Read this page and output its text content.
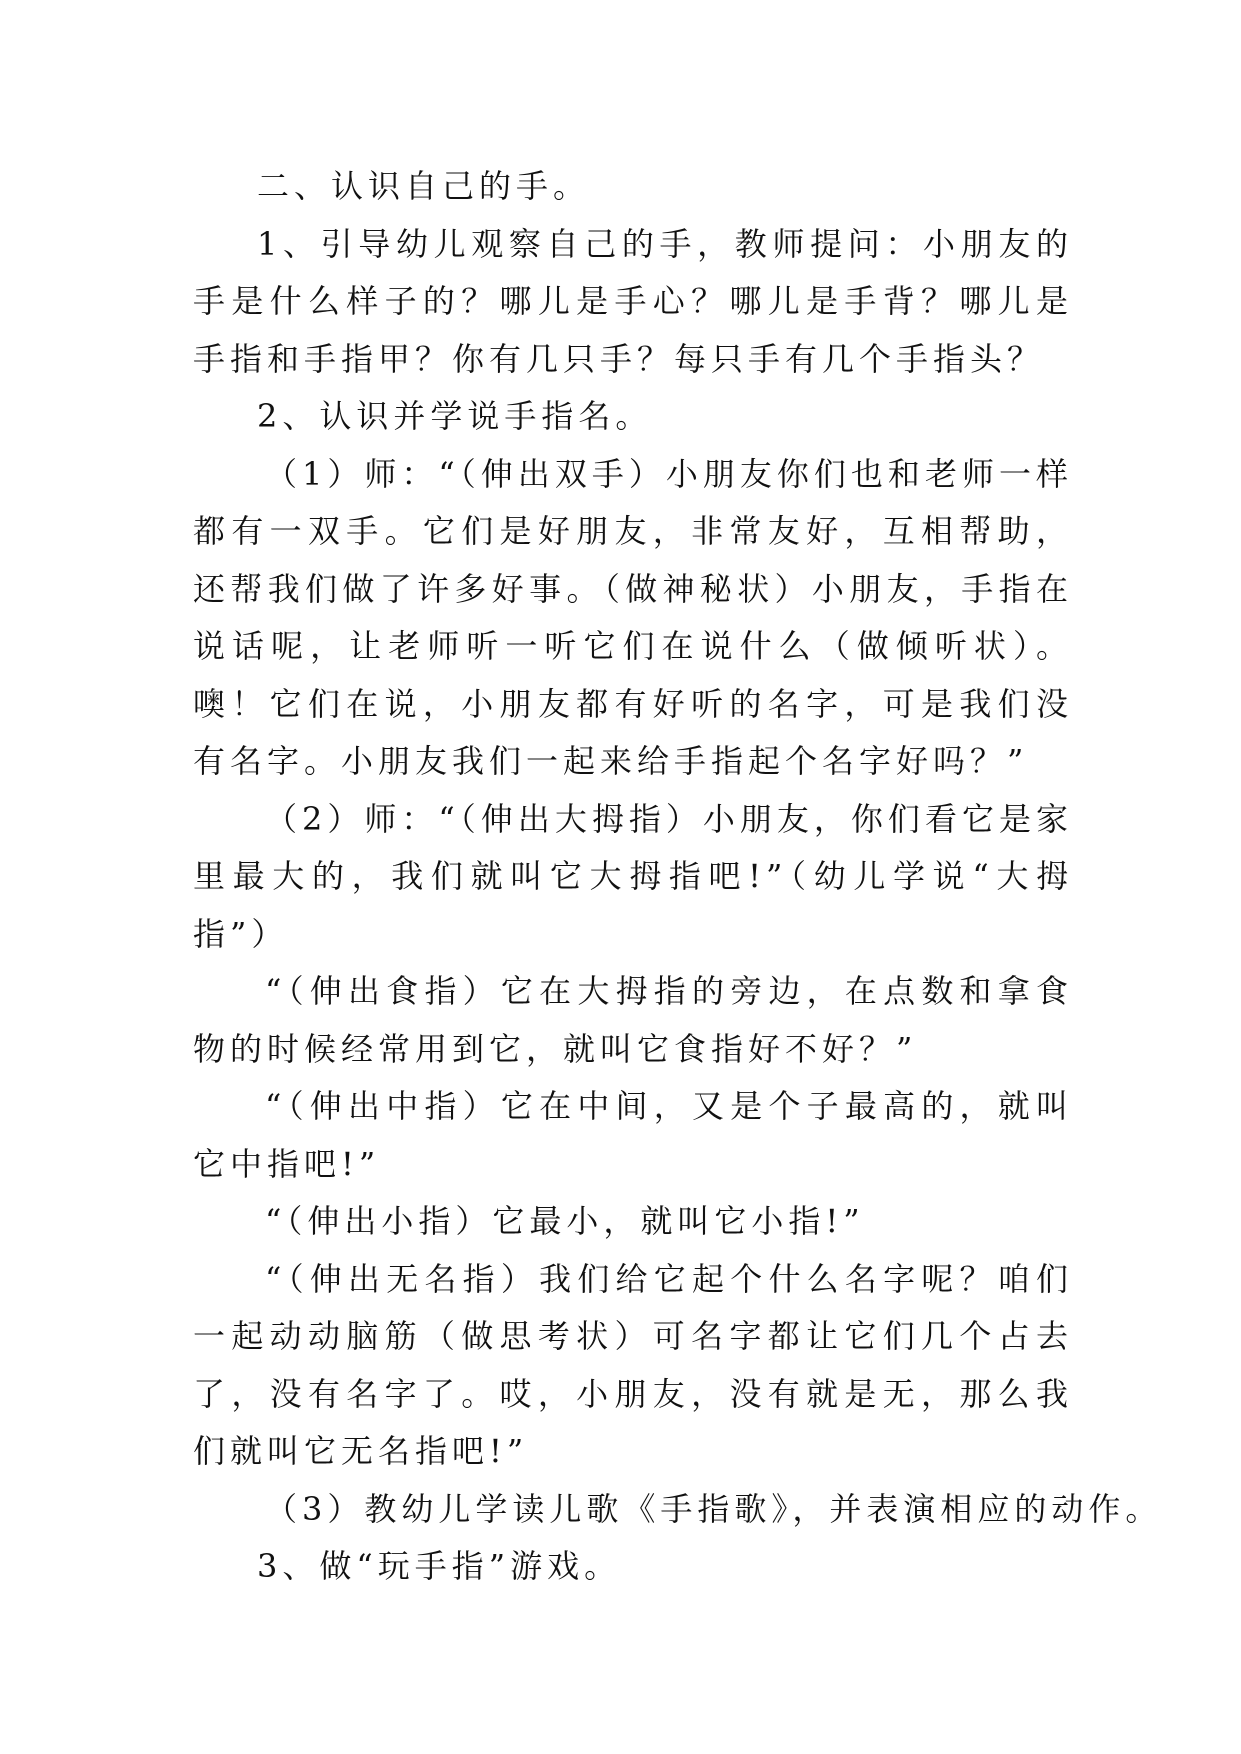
二、认识自己的手。

1、引导幼儿观察自己的手，教师提问：小朋友的手是什么样子的？哪儿是手心？哪儿是手背？哪儿是手指和手指甲？你有几只手？每只手有几个手指头？

2、认识并学说手指名。

（1）师：“（伸出双手）小朋友你们也和老师一样都有一双手。它们是好朋友，非常友好，互相帮助，还帮我们做了许多好事。（做神秘状）小朋友，手指在说话呢，让老师听一听它们在说什么（做倾听状）。噢！它们在说，小朋友都有好听的名字，可是我们没有名字。小朋友我们一起来给手指起个名字好吗？”

（2）师：“（伸出大拇指）小朋友，你们看它是家里最大的，我们就叫它大拇指吧!”（幼儿学说“大拇指”）

“（伸出食指）它在大拇指的旁边，在点数和拿食物的时候经常用到它，就叫它食指好不好？”

“（伸出中指）它在中间，又是个子最高的，就叫它中指吧!”

“（伸出小指）它最小，就叫它小指!”

“（伸出无名指）我们给它起个什么名字呢？咱们一起动动脑筋（做思考状）可名字都让它们几个占去了，没有名字了。哎，小朋友，没有就是无，那么我们就叫它无名指吧!”

（3）教幼儿学读儿歌《手指歌》，并表演相应的动作。

3、做“玩手指”游戏。
